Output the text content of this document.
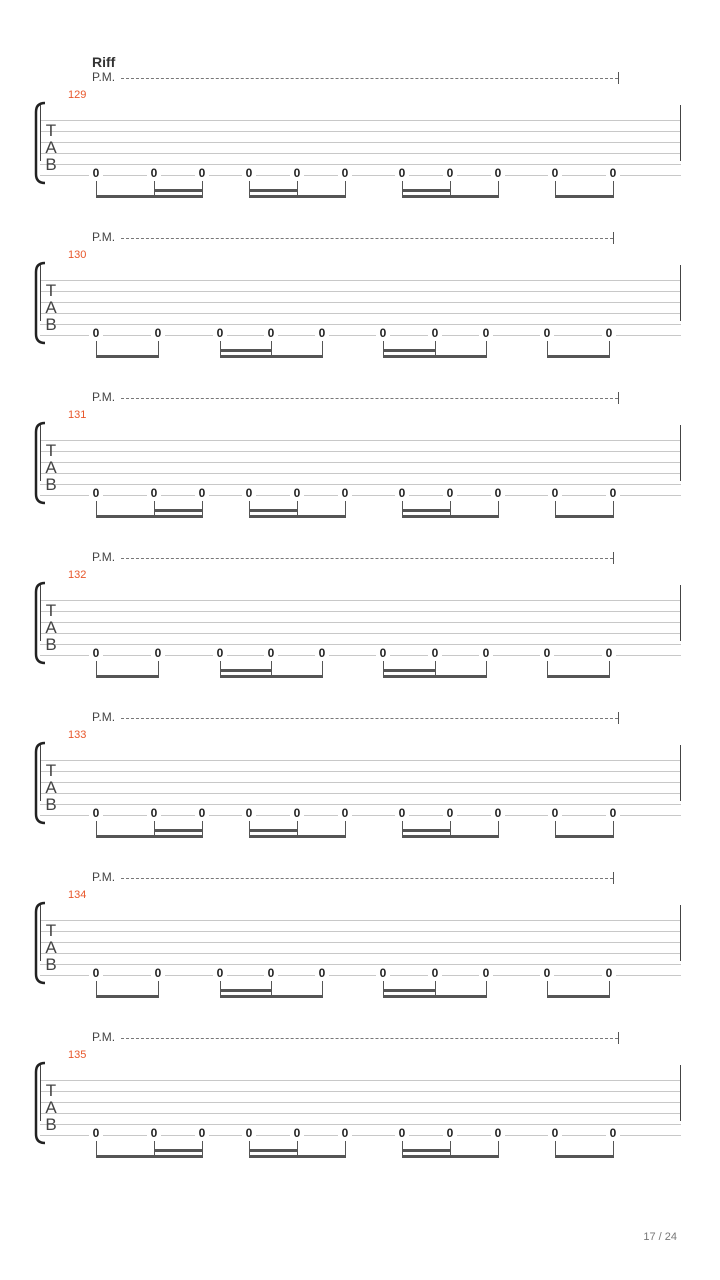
Riff
P.M.
129
T
A
B	0	0	0	0	0	0	0	0	0	0	0
P.M.
130
T
A
B	0	0	0	0	0	0	0	0	0	0
P.M.
131
T
A
B	0	0	0	0	0	0	0	0	0	0	0
P.M.
132
T
A
B	0	0	0	0	0	0	0	0	0	0
P.M.
133
T
A
B	0	0	0	0	0	0	0	0	0	0	0
P.M.
134
T
A
B	0	0	0	0	0	0	0	0	0	0
P.M.
135
T
A
B	0	0	0	0	0	0	0	0	0	0	0
17 / 24
